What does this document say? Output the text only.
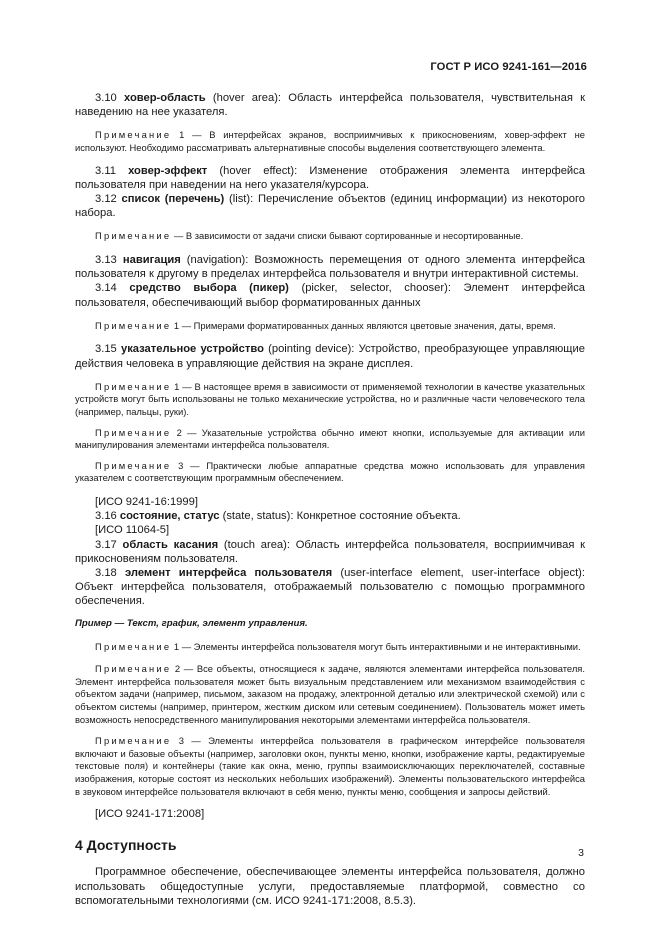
ГОСТ Р ИСО 9241-161—2016

3.10 ховер-область (hover area): Область интерфейса пользователя, чувствительная к наведению на нее указателя.

Примечание 1 — В интерфейсах экранов, восприимчивых к прикосновениям, ховер-эффект не используют. Необходимо рассматривать альтернативные способы выделения соответствующего элемента.

3.11 ховер-эффект (hover effect): Изменение отображения элемента интерфейса пользователя при наведении на него указателя/курсора.

3.12 список (перечень) (list): Перечисление объектов (единиц информации) из некоторого набора.

Примечание — В зависимости от задачи списки бывают сортированные и несортированные.

3.13 навигация (navigation): Возможность перемещения от одного элемента интерфейса пользователя к другому в пределах интерфейса пользователя и внутри интерактивной системы.

3.14 средство выбора (пикер) (picker, selector, chooser): Элемент интерфейса пользователя, обеспечивающий выбор форматированных данных

Примечание 1 — Примерами форматированных данных являются цветовые значения, даты, время.

3.15 указательное устройство (pointing device): Устройство, преобразующее управляющие действия человека в управляющие действия на экране дисплея.

Примечание 1 — В настоящее время в зависимости от применяемой технологии в качестве указательных устройств могут быть использованы не только механические устройства, но и различные части человеческого тела (например, пальцы, руки).

Примечание 2 — Указательные устройства обычно имеют кнопки, используемые для активации или манипулирования элементами интерфейса пользователя.

Примечание 3 — Практически любые аппаратные средства можно использовать для управления указателем с соответствующим программным обеспечением.

[ИСО 9241-16:1999]

3.16 состояние, статус (state, status): Конкретное состояние объекта.

[ИСО 11064-5]

3.17 область касания (touch area): Область интерфейса пользователя, восприимчивая к прикосновениям пользователя.

3.18 элемент интерфейса пользователя (user-interface element, user-interface object): Объект интерфейса пользователя, отображаемый пользователю с помощью программного обеспечения.

Пример — Текст, график, элемент управления.

Примечание 1 — Элементы интерфейса пользователя могут быть интерактивными и не интерактивными.

Примечание 2 — Все объекты, относящиеся к задаче, являются элементами интерфейса пользователя. Элемент интерфейса пользователя может быть визуальным представлением или механизмом взаимодействия с объектом задачи (например, письмом, заказом на продажу, электронной деталью или электрической схемой) или с объектом системы (например, принтером, жестким диском или сетевым соединением). Пользователь может иметь возможность непосредственного манипулирования некоторыми элементами интерфейса пользователя.

Примечание 3 — Элементы интерфейса пользователя в графическом интерфейсе пользователя включают и базовые объекты (например, заголовки окон, пункты меню, кнопки, изображение карты, редактируемые текстовые поля) и контейнеры (такие как окна, меню, группы взаимоисключающих переключателей, составные изображения, которые состоят из нескольких небольших изображений). Элементы пользовательского интерфейса в звуковом интерфейсе пользователя включают в себя меню, пункты меню, сообщения и запросы действий.

[ИСО 9241-171:2008]

4 Доступность

Программное обеспечение, обеспечивающее элементы интерфейса пользователя, должно использовать общедоступные услуги, предоставляемые платформой, совместно со вспомогательными технологиями (см. ИСО 9241-171:2008, 8.5.3).

3
